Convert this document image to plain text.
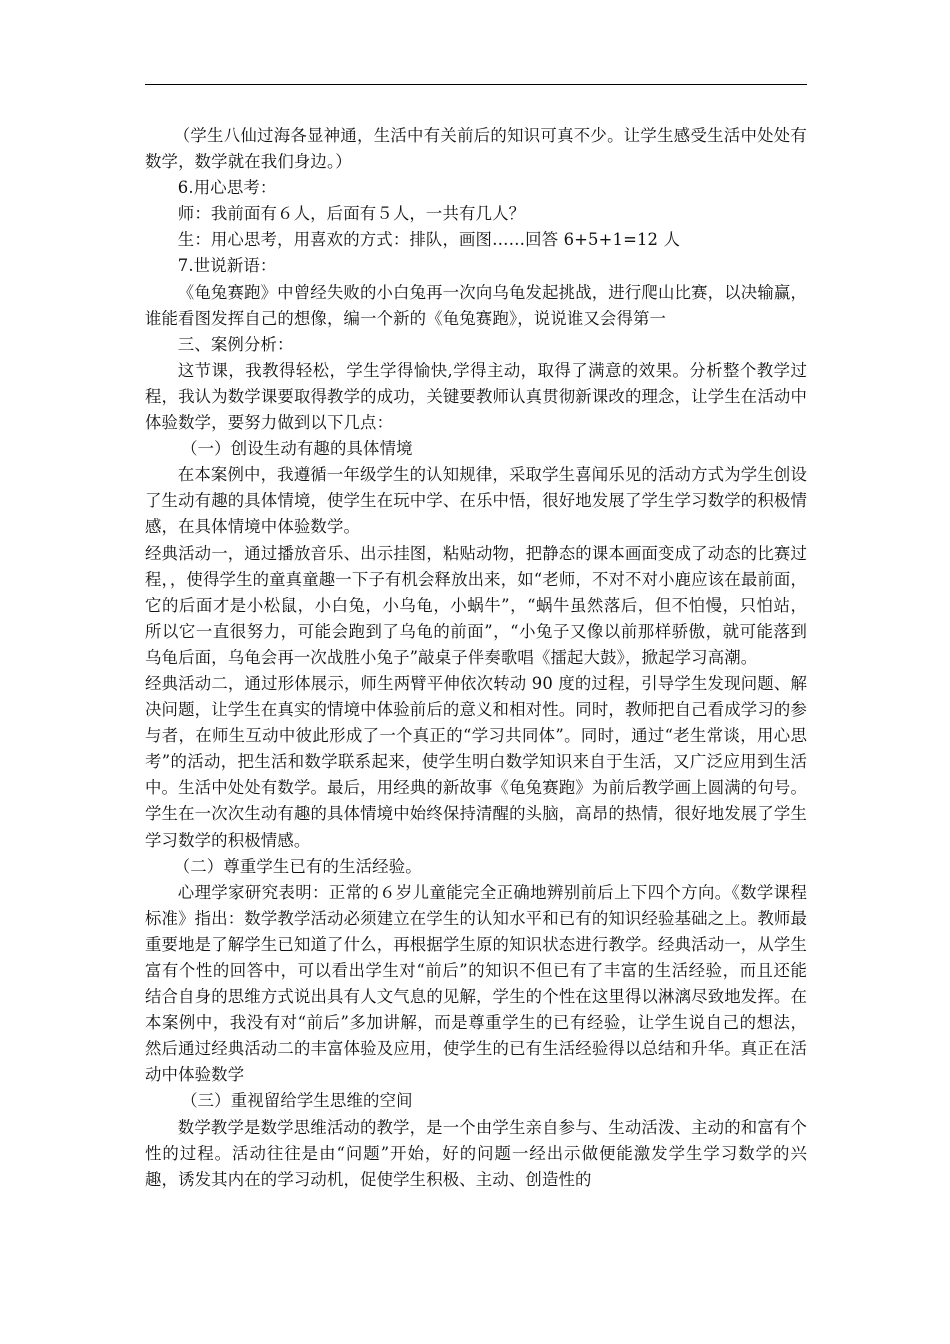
（学生八仙过海各显神通，生活中有关前后的知识可真不少。让学生感受生活中处处有数学，数学就在我们身边。）

6.用心思考：

师：我前面有６人，后面有５人，一共有几人？

生：用心思考，用喜欢的方式：排队，画图……回答 6+5+1=12 人

7.世说新语：

《龟兔赛跑》中曾经失败的小白兔再一次向乌龟发起挑战，进行爬山比赛，以决输赢，谁能看图发挥自己的想像，编一个新的《龟兔赛跑》，说说谁又会得第一

三、案例分析：

这节课，我教得轻松，学生学得愉快,学得主动，取得了满意的效果。分析整个教学过程，我认为数学课要取得教学的成功，关键要教师认真贯彻新课改的理念，让学生在活动中体验数学，要努力做到以下几点：

（一）创设生动有趣的具体情境

在本案例中，我遵循一年级学生的认知规律，采取学生喜闻乐见的活动方式为学生创设了生动有趣的具体情境，使学生在玩中学、在乐中悟，很好地发展了学生学习数学的积极情感，在具体情境中体验数学。

经典活动一，通过播放音乐、出示挂图，粘贴动物，把静态的课本画面变成了动态的比赛过程，，使得学生的童真童趣一下子有机会释放出来，如“老师，不对不对小鹿应该在最前面，它的后面才是小松鼠，小白兔，小乌龟，小蜗牛”，“蜗牛虽然落后，但不怕慢，只怕站，所以它一直很努力，可能会跑到了乌龟的前面”，“小兔子又像以前那样骄傲，就可能落到乌龟后面，乌龟会再一次战胜小兔子”敲桌子伴奏歌唱《擂起大鼓》，掀起学习高潮。

经典活动二，通过形体展示，师生两臂平伸依次转动 90 度的过程，引导学生发现问题、解决问题，让学生在真实的情境中体验前后的意义和相对性。同时，教师把自己看成学习的参与者，在师生互动中彼此形成了一个真正的“学习共同体”。同时，通过“老生常谈，用心思考”的活动，把生活和数学联系起来，使学生明白数学知识来自于生活，又广泛应用到生活中。生活中处处有数学。最后，用经典的新故事《龟兔赛跑》为前后教学画上圆满的句号。学生在一次次生动有趣的具体情境中始终保持清醒的头脑，高昂的热情，很好地发展了学生学习数学的积极情感。

（二）尊重学生已有的生活经验。

心理学家研究表明：正常的６岁儿童能完全正确地辨别前后上下四个方向。《数学课程标准》指出：数学教学活动必须建立在学生的认知水平和已有的知识经验基础之上。教师最重要地是了解学生已知道了什么，再根据学生原的知识状态进行教学。经典活动一，从学生富有个性的回答中，可以看出学生对“前后”的知识不但已有了丰富的生活经验，而且还能结合自身的思维方式说出具有人文气息的见解，学生的个性在这里得以淋漓尽致地发挥。在本案例中，我没有对“前后”多加讲解，而是尊重学生的已有经验，让学生说自己的想法，然后通过经典活动二的丰富体验及应用，使学生的已有生活经验得以总结和升华。真正在活动中体验数学

（三）重视留给学生思维的空间

数学教学是数学思维活动的教学，是一个由学生亲自参与、生动活泼、主动的和富有个性的过程。活动往往是由“问题”开始，好的问题一经出示做便能激发学生学习数学的兴趣，诱发其内在的学习动机，促使学生积极、主动、创造性的
